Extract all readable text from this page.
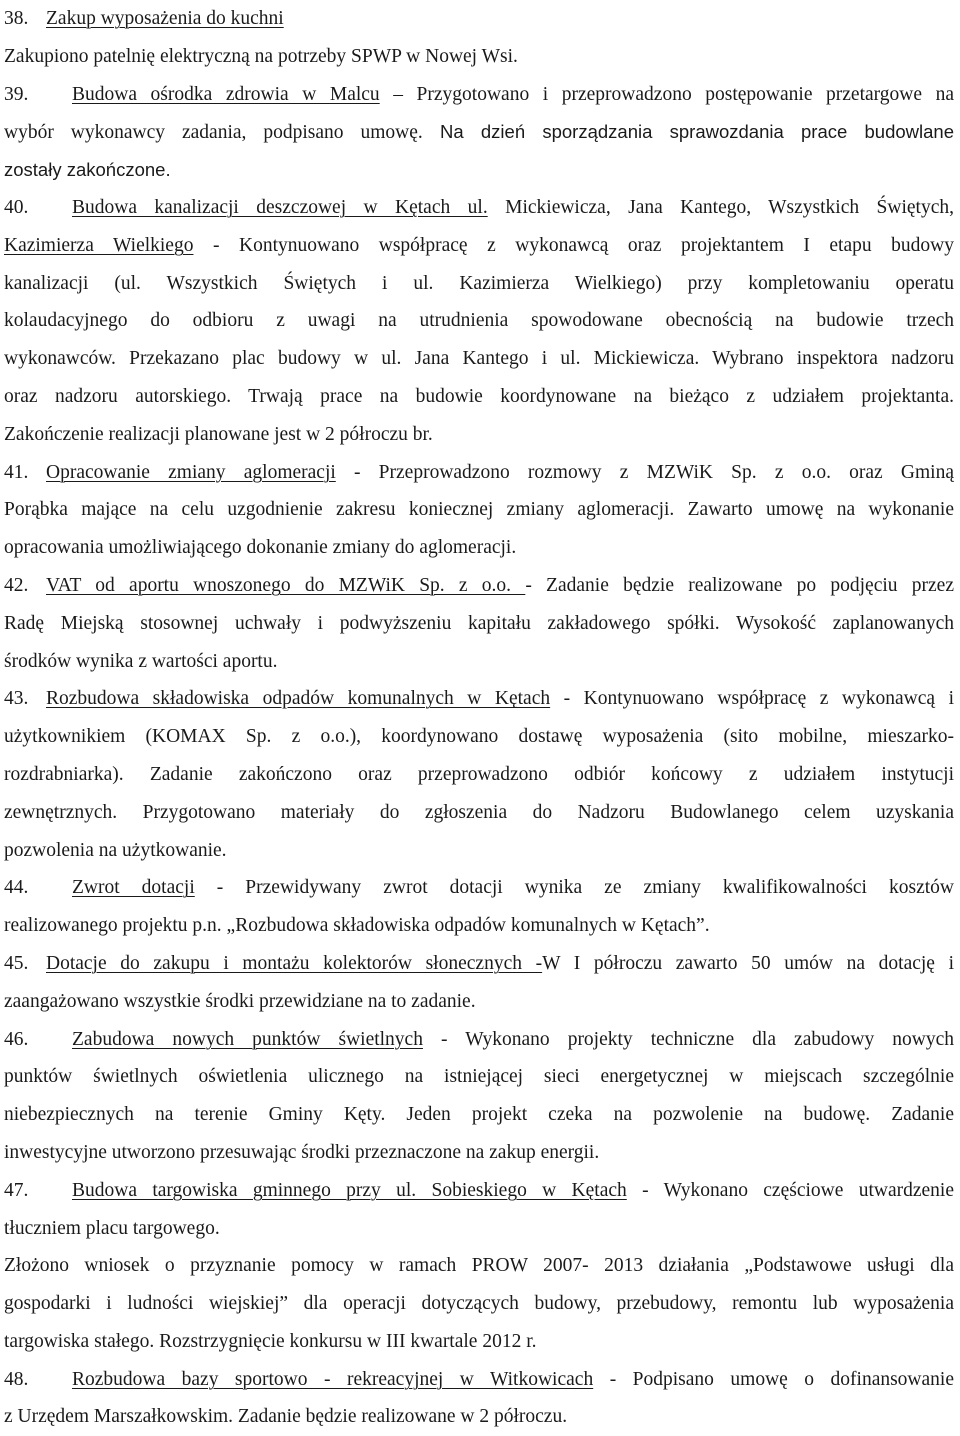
38. Zakup wyposażenia do kuchni
Zakupiono patelnię elektryczną na potrzeby SPWP w Nowej Wsi.
39. Budowa ośrodka zdrowia w Malcu – Przygotowano i przeprowadzono postępowanie przetargowe na
wybór wykonawcy zadania, podpisano umowę. Na dzień sporządzania sprawozdania prace budowlane
zostały zakończone.
40. Budowa kanalizacji deszczowej w Kętach ul. Mickiewicza, Jana Kantego, Wszystkich Świętych,
Kazimierza Wielkiego - Kontynuowano współpracę z wykonawcą oraz projektantem I etapu budowy
kanalizacji (ul. Wszystkich Świętych i ul. Kazimierza Wielkiego) przy kompletowaniu operatu
kolaudacyjnego do odbioru z uwagi na utrudnienia spowodowane obecnością na budowie trzech
wykonawców. Przekazano plac budowy w ul. Jana Kantego i ul. Mickiewicza. Wybrano inspektora nadzoru
oraz nadzoru autorskiego. Trwają prace na budowie koordynowane na bieżąco z udziałem projektanta.
Zakończenie realizacji planowane jest w 2 półroczu br.
41. Opracowanie zmiany aglomeracji - Przeprowadzono rozmowy z MZWiK Sp. z o.o. oraz Gminą
Porąbka mające na celu uzgodnienie zakresu koniecznej zmiany aglomeracji. Zawarto umowę na wykonanie
opracowania umożliwiającego dokonanie zmiany do aglomeracji.
42. VAT od aportu wnoszonego do MZWiK Sp. z o.o. - Zadanie będzie realizowane po podjęciu przez
Radę Miejską stosownej uchwały i podwyższeniu kapitału zakładowego spółki. Wysokość zaplanowanych
środków wynika z wartości aportu.
43. Rozbudowa składowiska odpadów komunalnych w Kętach - Kontynuowano współpracę z wykonawcą i
użytkownikiem (KOMAX Sp. z o.o.), koordynowano dostawę wyposażenia (sito mobilne, mieszarko-
rozdrabniarka). Zadanie zakończono oraz przeprowadzono odbiór końcowy z udziałem instytucji
zewnętrznych. Przygotowano materiały do zgłoszenia do Nadzoru Budowlanego celem uzyskania
pozwolenia na użytkowanie.
44. Zwrot dotacji - Przewidywany zwrot dotacji wynika ze zmiany kwalifikowalności kosztów
realizowanego projektu p.n. „Rozbudowa składowiska odpadów komunalnych w Kętach”.
45. Dotacje do zakupu i montażu kolektorów słonecznych -W I półroczu zawarto 50 umów na dotację i
zaangażowano wszystkie środki przewidziane na to zadanie.
46. Zabudowa nowych punktów świetlnych - Wykonano projekty techniczne dla zabudowy nowych
punktów świetlnych oświetlenia ulicznego na istniejącej sieci energetycznej w miejscach szczególnie
niebezpiecznych na terenie Gminy Kęty. Jeden projekt czeka na pozwolenie na budowę. Zadanie
inwestycyjne utworzono przesuwając środki przeznaczone na zakup energii.
47. Budowa targowiska gminnego przy ul. Sobieskiego w Kętach - Wykonano częściowe utwardzenie
tłuczniem placu targowego.
Złożono wniosek o przyznanie pomocy w ramach PROW 2007- 2013 działania „Podstawowe usługi dla
gospodarki i ludności wiejskiej” dla operacji dotyczących budowy, przebudowy, remontu lub wyposażenia
targowiska stałego. Rozstrzygnięcie konkursu w III kwartale 2012 r.
48. Rozbudowa bazy sportowo - rekreacyjnej w Witkowicach - Podpisano umowę o dofinansowanie
z Urzędem Marszałkowskim. Zadanie będzie realizowane w 2 półroczu.
